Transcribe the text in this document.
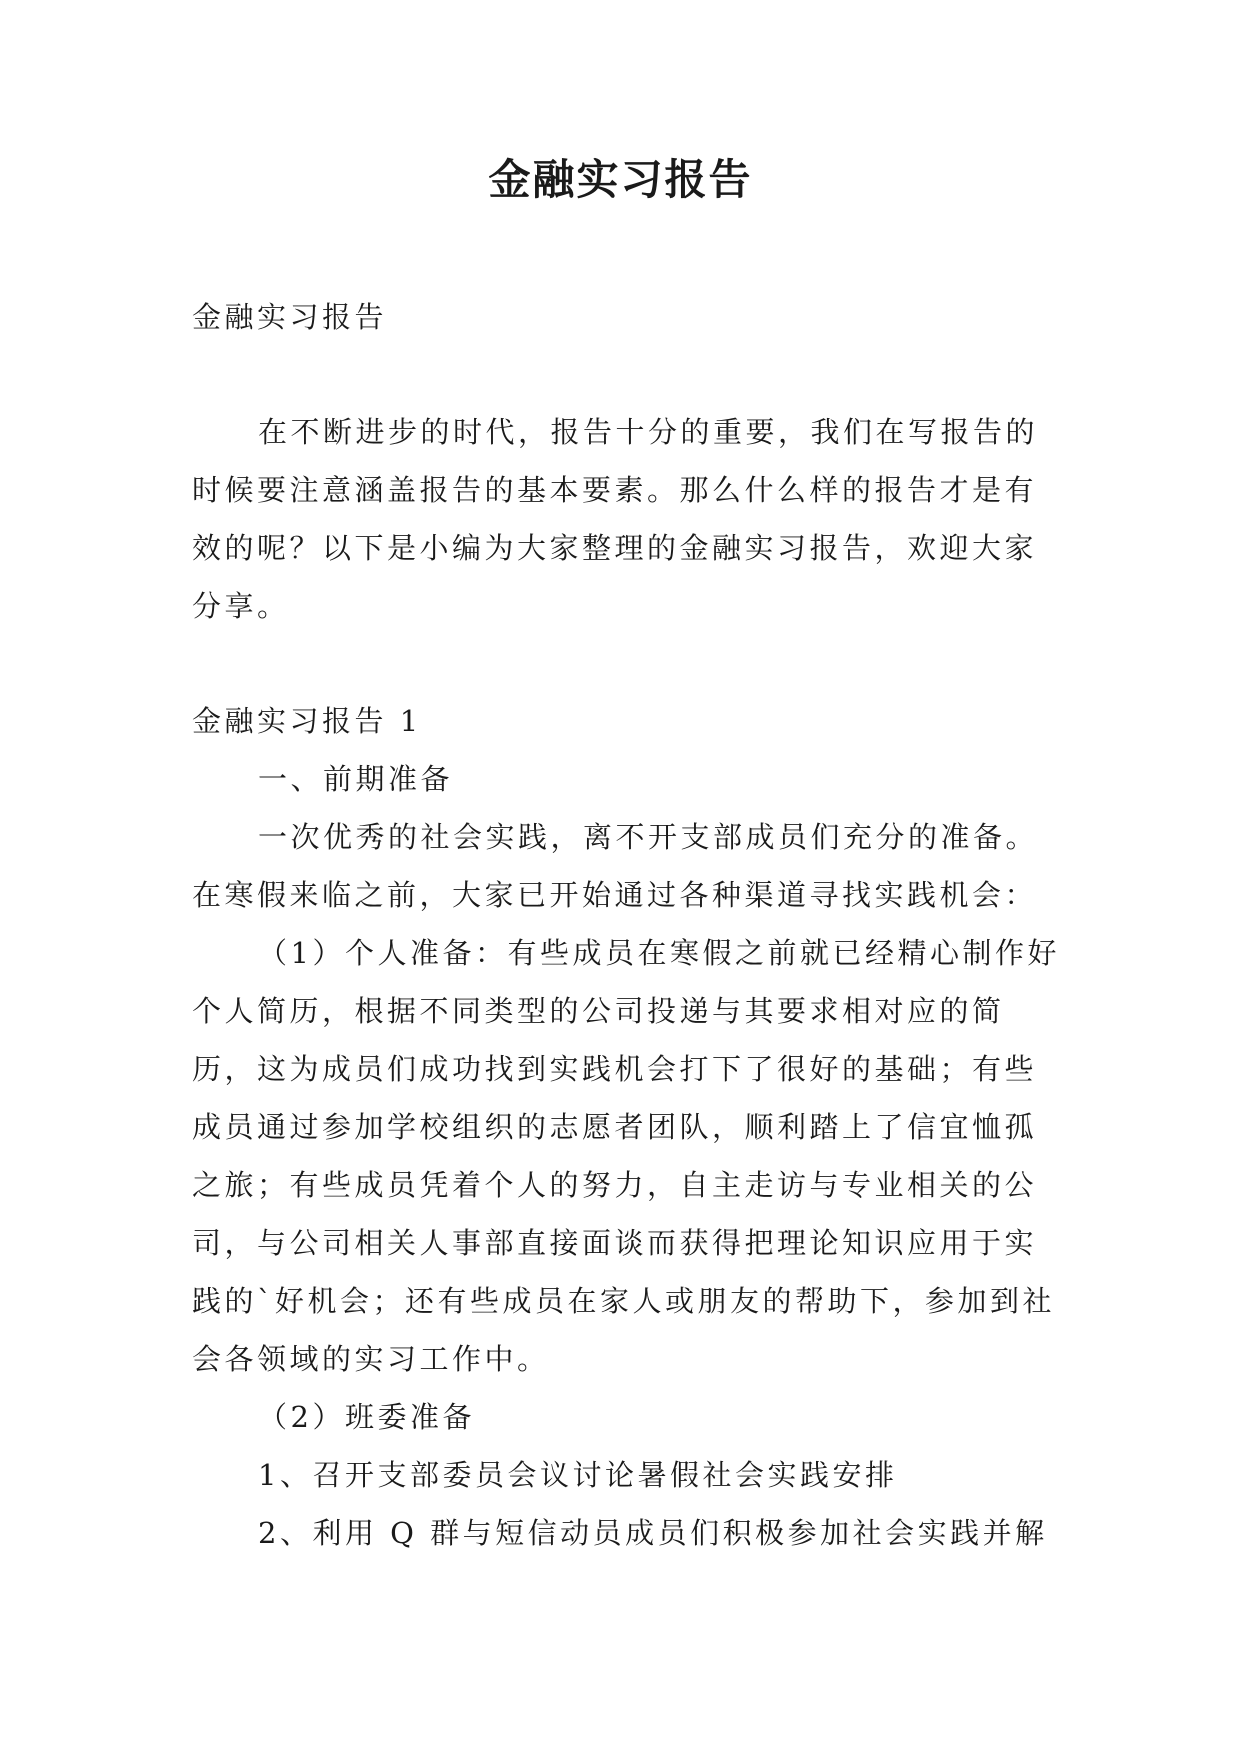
金融实习报告
金融实习报告
在不断进步的时代，报告十分的重要，我们在写报告的时候要注意涵盖报告的基本要素。那么什么样的报告才是有效的呢？以下是小编为大家整理的金融实习报告，欢迎大家分享。

金融实习报告 1

一、前期准备

一次优秀的社会实践，离不开支部成员们充分的准备。在寒假来临之前，大家已开始通过各种渠道寻找实践机会：

（1）个人准备：有些成员在寒假之前就已经精心制作好个人简历，根据不同类型的公司投递与其要求相对应的简历，这为成员们成功找到实践机会打下了很好的基础；有些成员通过参加学校组织的志愿者团队，顺利踏上了信宜恤孤之旅；有些成员凭着个人的努力，自主走访与专业相关的公司，与公司相关人事部直接面谈而获得把理论知识应用于实践的`好机会；还有些成员在家人或朋友的帮助下，参加到社会各领域的实习工作中。

（2）班委准备

1、召开支部委员会议讨论暑假社会实践安排

2、利用 Q 群与短信动员成员们积极参加社会实践并解
